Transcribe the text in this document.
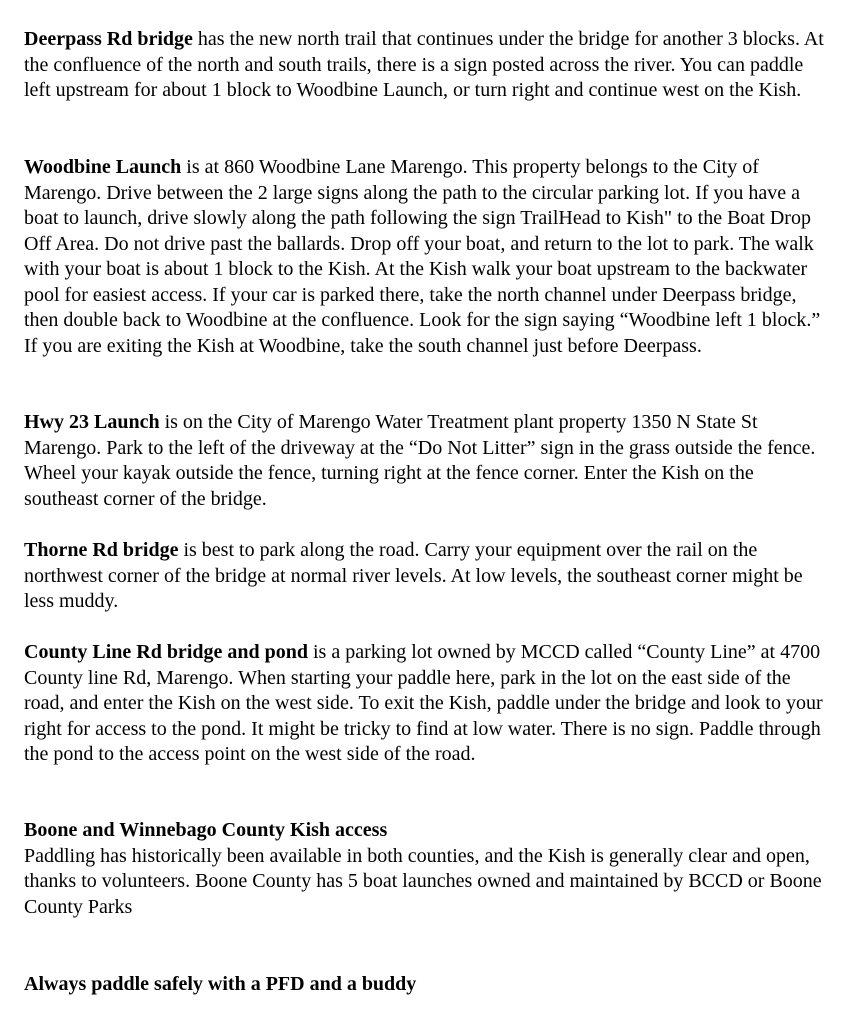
Deerpass Rd bridge has the new north trail that continues under the bridge for another 3 blocks. At the confluence of the north and south trails, there is a sign posted across the river. You can paddle left upstream for about 1 block to Woodbine Launch, or turn right and continue west on the Kish.

Woodbine Launch is at 860 Woodbine Lane Marengo. This property belongs to the City of Marengo. Drive between the 2 large signs along the path to the circular parking lot. If you have a boat to launch, drive slowly along the path following the sign TrailHead to Kish" to the Boat Drop Off Area. Do not drive past the ballards. Drop off your boat, and return to the lot to park. The walk with your boat is about 1 block to the Kish. At the Kish walk your boat upstream to the backwater pool for easiest access. If your car is parked there, take the north channel under Deerpass bridge, then double back to Woodbine at the confluence. Look for the sign saying “Woodbine left 1 block.” If you are exiting the Kish at Woodbine, take the south channel just before Deerpass.

Hwy 23 Launch is on the City of Marengo Water Treatment plant property 1350 N State St Marengo. Park to the left of the driveway at the “Do Not Litter” sign in the grass outside the fence. Wheel your kayak outside the fence, turning right at the fence corner. Enter the Kish on the southeast corner of the bridge.

Thorne Rd bridge is best to park along the road. Carry your equipment over the rail on the northwest corner of the bridge at normal river levels. At low levels, the southeast corner might be less muddy.

County Line Rd bridge and pond is a parking lot owned by MCCD called “County Line” at 4700 County line Rd, Marengo. When starting your paddle here, park in the lot on the east side of the road, and enter the Kish on the west side. To exit the Kish, paddle under the bridge and look to your right for access to the pond. It might be tricky to find at low water. There is no sign. Paddle through the pond to the access point on the west side of the road.

Boone and Winnebago County Kish access
Paddling has historically been available in both counties, and the Kish is generally clear and open, thanks to volunteers. Boone County has 5 boat launches owned and maintained by BCCD or Boone County Parks
Always paddle safely with a PFD and a buddy
